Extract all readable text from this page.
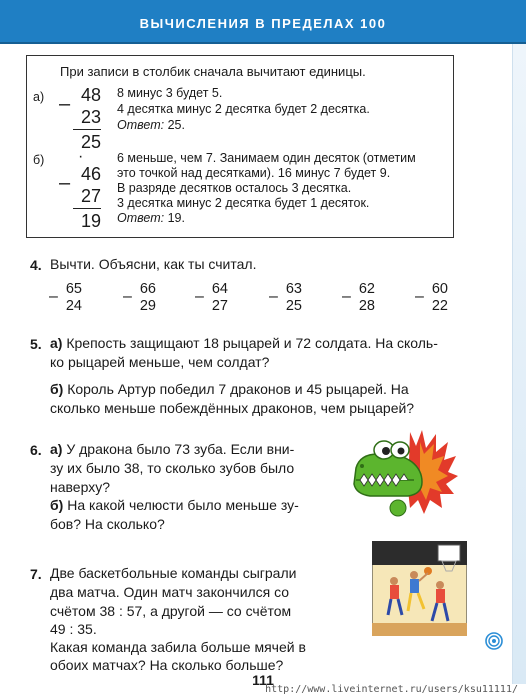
ВЫЧИСЛЕНИЯ В ПРЕДЕЛАХ 100
При записи в столбик сначала вычитают единицы.
а) – 48
23
25
8 минус 3 будет 5.
4 десятка минус 2 десятка будет 2 десятка.
Ответ: 25.
б) ·
– 46
27
19
6 меньше, чем 7. Занимаем один десяток (отметим
это точкой над десятками). 16 минус 7 будет 9.
В разряде десятков осталось 3 десятка.
3 десятка минус 2 десятка будет 1 десяток.
Ответ: 19.
4. Вычти. Объясни, как ты считал.
– 65
24
– 66
29
– 64
27
– 63
25
– 62
28
– 60
22
5. а) Крепость защищают 18 рыцарей и 72 солдата. На сколь-
ко рыцарей меньше, чем солдат?
б) Король Артур победил 7 драконов и 45 рыцарей. На
сколько меньше побеждённых драконов, чем рыцарей?
6. а) У дракона было 73 зуба. Если вни-
зу их было 38, то сколько зубов было
наверху?
б) На какой челюсти было меньше зу-
бов? На сколько?
7. Две баскетбольные команды сыграли
два матча. Один матч закончился со
счётом 38 : 57, а другой — со счётом
49 : 35.
Какая команда забила больше мячей в
обоих матчах? На сколько больше?
111
http://www.liveinternet.ru/users/ksu11111/
